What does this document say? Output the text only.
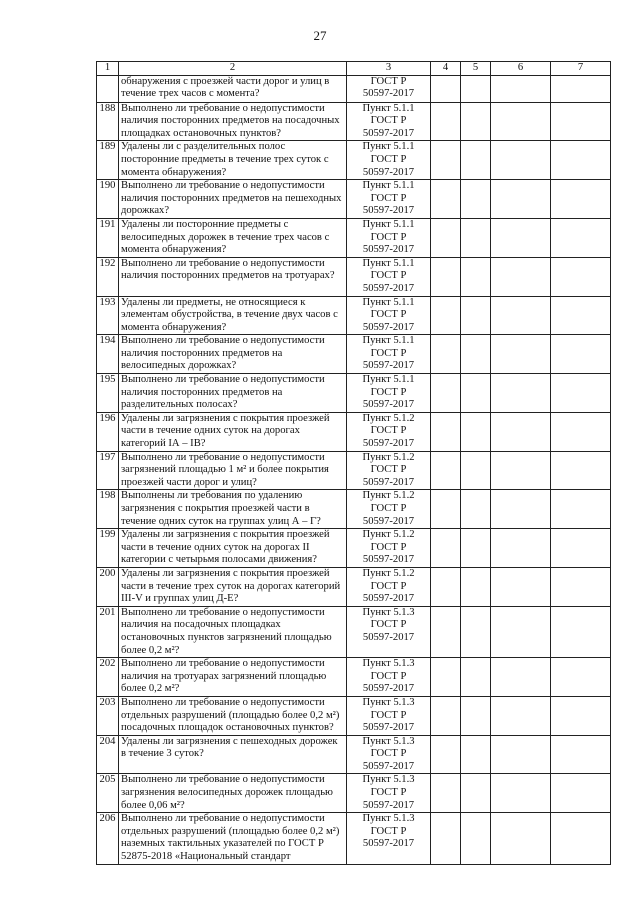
27
1	2	3	4	5	6	7
	обнаружения с проезжей части дорог и улиц в течение трех часов с момента?	ГОСТ Р
50597-2017				
188	Выполнено ли требование о недопустимости наличия посторонних предметов на посадочных площадках остановочных пунктов?	Пункт 5.1.1
ГОСТ Р
50597-2017				
189	Удалены ли с разделительных полос посторонние предметы в течение трех суток с момента обнаружения?	Пункт 5.1.1
ГОСТ Р
50597-2017				
190	Выполнено ли требование о недопустимости наличия посторонних предметов на пешеходных дорожках?	Пункт 5.1.1
ГОСТ Р
50597-2017				
191	Удалены ли посторонние предметы с велосипедных дорожек в течение трех часов с момента обнаружения?	Пункт 5.1.1
ГОСТ Р
50597-2017				
192	Выполнено ли требование о недопустимости наличия посторонних предметов на тротуарах?	Пункт 5.1.1
ГОСТ Р
50597-2017				
193	Удалены ли предметы, не относящиеся к элементам обустройства, в течение двух часов с момента обнаружения?	Пункт 5.1.1
ГОСТ Р
50597-2017				
194	Выполнено ли требование о недопустимости наличия посторонних предметов на велосипедных дорожках?	Пункт 5.1.1
ГОСТ Р
50597-2017				
195	Выполнено ли требование о недопустимости наличия посторонних предметов на разделительных полосах?	Пункт 5.1.1
ГОСТ Р
50597-2017				
196	Удалены ли загрязнения с покрытия проезжей части в течение одних суток на дорогах категорий IА – IВ?	Пункт 5.1.2
ГОСТ Р
50597-2017				
197	Выполнено ли требование о недопустимости загрязнений площадью 1 м² и более покрытия проезжей части дорог и улиц?	Пункт 5.1.2
ГОСТ Р
50597-2017				
198	Выполнены ли требования по удалению загрязнения с покрытия проезжей части в течение одних суток на группах улиц А – Г?	Пункт 5.1.2
ГОСТ Р
50597-2017				
199	Удалены ли загрязнения с покрытия проезжей части в течение одних суток на дорогах II категории с четырьмя полосами движения?	Пункт 5.1.2
ГОСТ Р
50597-2017				
200	Удалены ли загрязнения с покрытия проезжей части в течение трех суток на дорогах категорий III-V и группах улиц Д-Е?	Пункт 5.1.2
ГОСТ Р
50597-2017				
201	Выполнено ли требование о недопустимости наличия на посадочных площадках остановочных пунктов загрязнений площадью более 0,2 м²?	Пункт 5.1.3
ГОСТ Р
50597-2017				
202	Выполнено ли требование о недопустимости наличия на тротуарах загрязнений площадью более 0,2 м²?	Пункт 5.1.3
ГОСТ Р
50597-2017				
203	Выполнено ли требование о недопустимости отдельных разрушений (площадью более 0,2 м²) посадочных площадок остановочных пунктов?	Пункт 5.1.3
ГОСТ Р
50597-2017				
204	Удалены ли загрязнения с пешеходных дорожек в течение 3 суток?	Пункт 5.1.3
ГОСТ Р
50597-2017				
205	Выполнено ли требование о недопустимости загрязнения велосипедных дорожек площадью более 0,06 м²?	Пункт 5.1.3
ГОСТ Р
50597-2017				
206	Выполнено ли требование о недопустимости отдельных разрушений (площадью более 0,2 м²) наземных тактильных указателей по ГОСТ Р 52875-2018 «Национальный стандарт	Пункт 5.1.3
ГОСТ Р
50597-2017				
